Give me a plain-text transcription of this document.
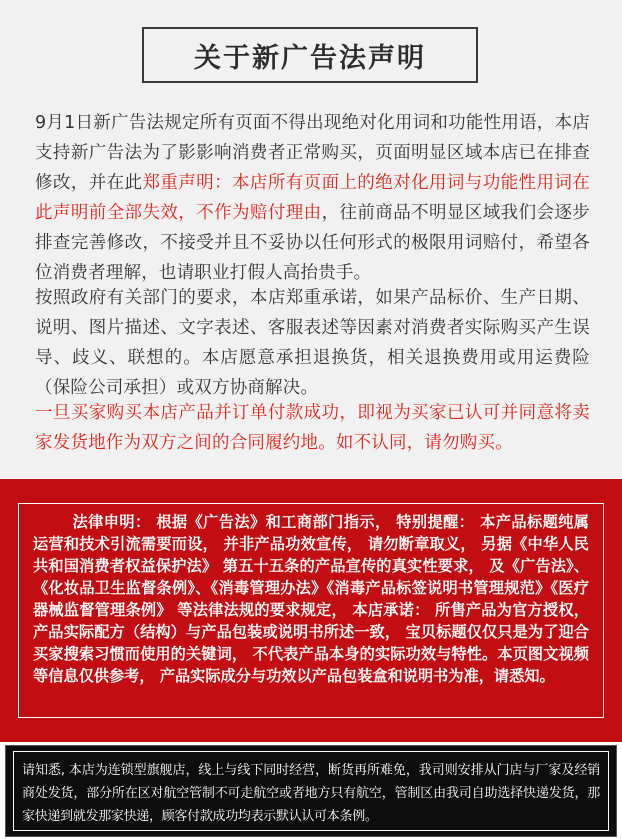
关于新广告法声明
9月1日新广告法规定所有页面不得出现绝对化用词和功能性用语，本店支持新广告法为了影影响消费者正常购买，页面明显区域本店已在排查修改，并在此郑重声明：本店所有页面上的绝对化用词与功能性用词在此声明前全部失效，不作为赔付理由，往前商品不明显区域我们会逐步排查完善修改，不接受并且不妥协以任何形式的极限用词赔付，希望各位消费者理解，也请职业打假人高抬贵手。
按照政府有关部门的要求，本店郑重承诺，如果产品标价、生产日期、说明、图片描述、文字表述、客服表述等因素对消费者实际购买产生误导、歧义、联想的。本店愿意承担退换货，相关退换费用或用运费险（保险公司承担）或双方协商解决。
一旦买家购买本店产品并订单付款成功，即视为买家已认可并同意将卖家发货地作为双方之间的合同履约地。如不认同，请勿购买。
法律申明： 根据《广告法》和工商部门指示， 特别提醒： 本产品标题纯属运营和技术引流需要而设， 并非产品功效宣传， 请勿断章取义， 另据《中华人民共和国消费者权益保护法》 第五十五条的产品宣传的真实性要求， 及《广告法》、《化妆品卫生监督条例》、《消毒管理办法》《消毒产品标签说明书管理规范》《医疗器械监督管理条例》 等法律法规的要求规定， 本店承诺： 所售产品为官方授权， 产品实际配方（结构）与产品包装或说明书所述一致， 宝贝标题仅仅只是为了迎合买家搜索习惯而使用的关键词， 不代表产品本身的实际功效与特性。本页图文视频等信息仅供参考， 产品实际成分与功效以产品包装盒和说明书为准，请悉知。
请知悉, 本店为连锁型旗舰店，线上与线下同时经营，断货再所难免，我司则安排从门店与厂家及经销商处发货，部分所在区对航空管制不可走航空或者地方只有航空，管制区由我司自助选择快递发货，那家快递到就发那家快递，顾客付款成功均表示默认认可本条例。
